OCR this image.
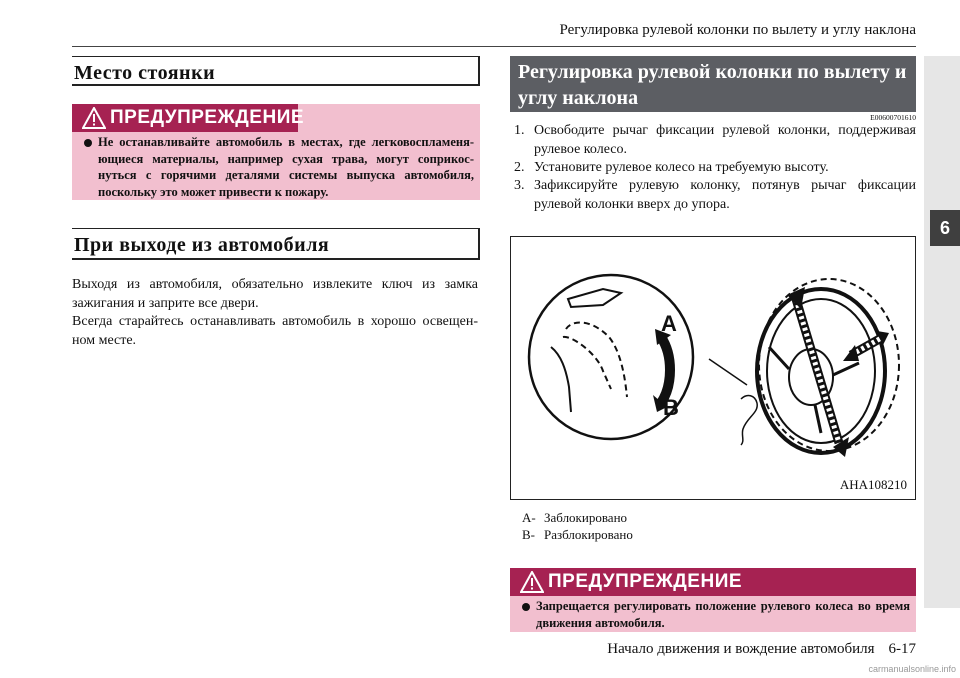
Регулировка рулевой колонки по вылету и углу наклона
6
Место стоянки
ПРЕДУПРЕЖДЕНИЕ
Не останавливайте автомобиль в местах, где легковоспламеня-ющиеся материалы, например сухая трава, могут соприкос-нуться с горячими деталями системы выпуска автомобиля, поскольку это может привести к пожару.
При выходе из автомобиля
Выходя из автомобиля, обязательно извлеките ключ из замка зажигания и заприте все двери.
Всегда старайтесь останавливать автомобиль в хорошо освещен-ном месте.
Регулировка рулевой колонки по вылету и углу наклона
E00600701610
1. Освободите рычаг фиксации рулевой колонки, поддерживая рулевое колесо.
2. Установите рулевое колесо на требуемую высоту.
3. Зафиксируйте рулевую колонку, потянув рычаг фиксации рулевой колонки вверх до упора.
A
B
AHA108210
A- Заблокировано
B- Разблокировано
ПРЕДУПРЕЖДЕНИЕ
Запрещается регулировать положение рулевого колеса во время движения автомобиля.
Начало движения и вождение автомобиля 6-17
carmanualsonline.info
